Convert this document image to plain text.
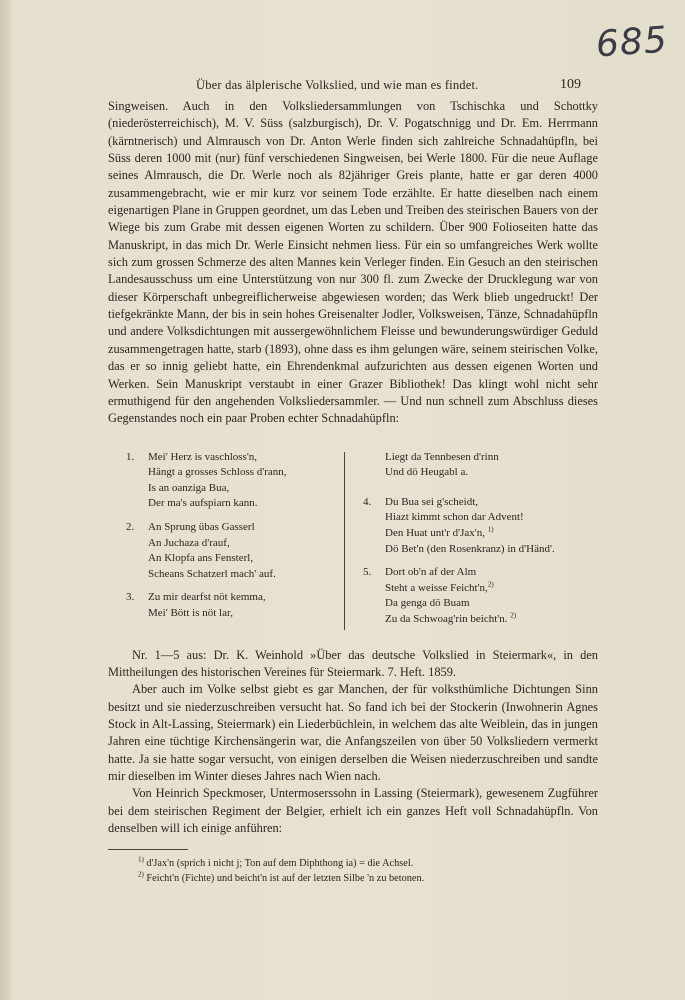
685
Über das älplerische Volkslied, und wie man es findet.	109

Singweisen. Auch in den Volksliedersammlungen von Tschischka und Schottky (niederösterreichisch), M. V. Süss (salzburgisch), Dr. V. Pogatschnigg und Dr. Em. Herrmann (kärntnerisch) und Almrausch von Dr. Anton Werle finden sich zahlreiche Schnadahüpfln, bei Süss deren 1000 mit (nur) fünf verschiedenen Singweisen, bei Werle 1800. Für die neue Auflage seines Almrausch, die Dr. Werle noch als 82jähriger Greis plante, hatte er gar deren 4000 zusammengebracht, wie er mir kurz vor seinem Tode erzählte. Er hatte dieselben nach einem eigenartigen Plane in Gruppen geordnet, um das Leben und Treiben des steirischen Bauers von der Wiege bis zum Grabe mit dessen eigenen Worten zu schildern. Über 900 Folioseiten hatte das Manuskript, in das mich Dr. Werle Einsicht nehmen liess. Für ein so umfangreiches Werk wollte sich zum grossen Schmerze des alten Mannes kein Verleger finden. Ein Gesuch an den steirischen Landesausschuss um eine Unterstützung von nur 300 fl. zum Zwecke der Drucklegung war von dieser Körperschaft unbegreiflicherweise abgewiesen worden; das Werk blieb ungedruckt! Der tiefgekränkte Mann, der bis in sein hohes Greisenalter Jodler, Volksweisen, Tänze, Schnadahüpfln und andere Volksdichtungen mit aussergewöhnlichem Fleisse und bewunderungswürdiger Geduld zusammengetragen hatte, starb (1893), ohne dass es ihm gelungen wäre, seinem steirischen Volke, das er so innig geliebt hatte, ein Ehrendenkmal aufzurichten aus dessen eigenen Worten und Werken. Sein Manuskript verstaubt in einer Grazer Bibliothek! Das klingt wohl nicht sehr ermuthigend für den angehenden Volksliedersammler. — Und nun schnell zum Abschluss dieses Gegenstandes noch ein paar Proben echter Schnadahüpfln:

1.	Mei' Herz is vaschloss'n,
Hängt a grosses Schloss d'rann,
Is an oanziga Bua,
Der ma's aufspiarn kann.
2.	An Sprung übas Gasserl
An Juchaza d'rauf,
An Klopfa ans Fensterl,
Scheans Schatzerl mach' auf.
3.	Zu mir dearfst nöt kemma,
Mei' Bött is nöt lar,
Liegt da Tennbesen d'rinn
Und dö Heugabl a.
4.	Du Bua sei g'scheidt,
Hiazt kimmt schon dar Advent!
Den Huat unt'r d'Jax'n, $^{1)}$
Dö Bet'n (den Rosenkranz) in d'Händ'.
5.	Dort ob'n af der Alm
Steht a weisse Feicht'n,$^{2)}$
Da genga dö Buam
Zu da Schwoag'rin beicht'n. $^{2)}$

Nr. 1—5 aus: Dr. K. Weinhold »Über das deutsche Volkslied in Steiermark«, in den Mittheilungen des historischen Vereines für Steiermark. 7. Heft. 1859.

Aber auch im Volke selbst giebt es gar Manchen, der für volksthümliche Dichtungen Sinn besitzt und sie niederzuschreiben versucht hat. So fand ich bei der Stockerin (Inwohnerin Agnes Stock in Alt-Lassing, Steiermark) ein Liederbüchlein, in welchem das alte Weiblein, das in jungen Jahren eine tüchtige Kirchensängerin war, die Anfangszeilen von über 50 Volksliedern vermerkt hatte. Ja sie hatte sogar versucht, von einigen derselben die Weisen niederzuschreiben und sandte mir dieselben im Winter dieses Jahres nach Wien nach.

Von Heinrich Speckmoser, Untermoserssohn in Lassing (Steiermark), gewesenem Zugführer bei dem steirischen Regiment der Belgier, erhielt ich ein ganzes Heft voll Schnadahüpfln. Von denselben will ich einige anführen:

$^{1)}$ d'Jax'n (sprich i nicht j; Ton auf dem Diphthong ia) = die Achsel.

$^{2)}$ Feicht'n (Fichte) und beicht'n ist auf der letzten Silbe 'n zu betonen.
